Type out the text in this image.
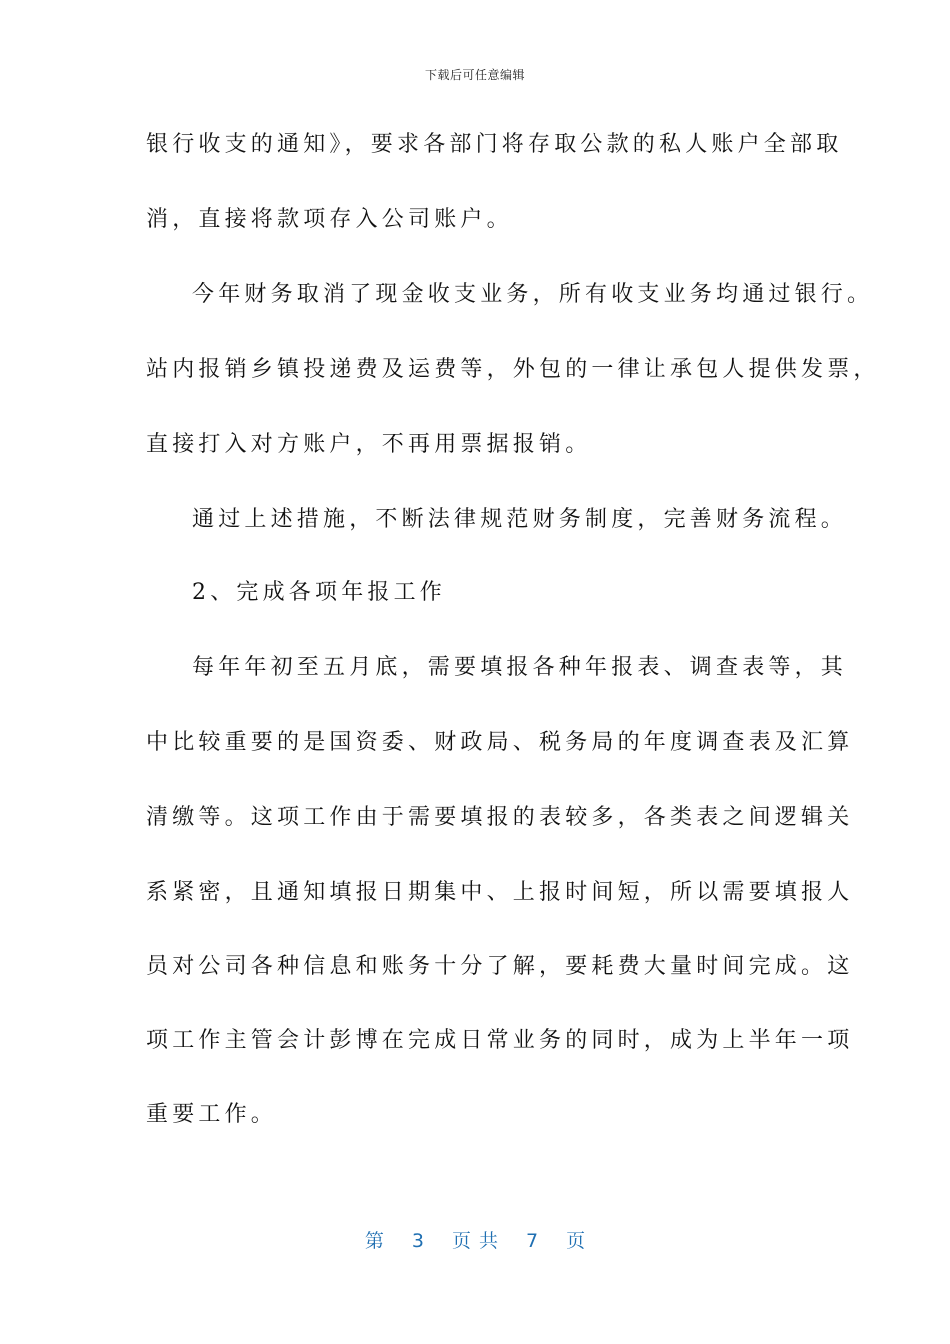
下载后可任意编辑
银行收支的通知》，要求各部门将存取公款的私人账户全部取
消，直接将款项存入公司账户。
今年财务取消了现金收支业务，所有收支业务均通过银行。
站内报销乡镇投递费及运费等，外包的一律让承包人提供发票，
直接打入对方账户，不再用票据报销。
通过上述措施，不断法律规范财务制度，完善财务流程。
2、完成各项年报工作
每年年初至五月底，需要填报各种年报表、调查表等，其
中比较重要的是国资委、财政局、税务局的年度调查表及汇算
清缴等。这项工作由于需要填报的表较多，各类表之间逻辑关
系紧密，且通知填报日期集中、上报时间短，所以需要填报人
员对公司各种信息和账务十分了解，要耗费大量时间完成。这
项工作主管会计彭博在完成日常业务的同时，成为上半年一项
重要工作。
第 3 页共 7 页
